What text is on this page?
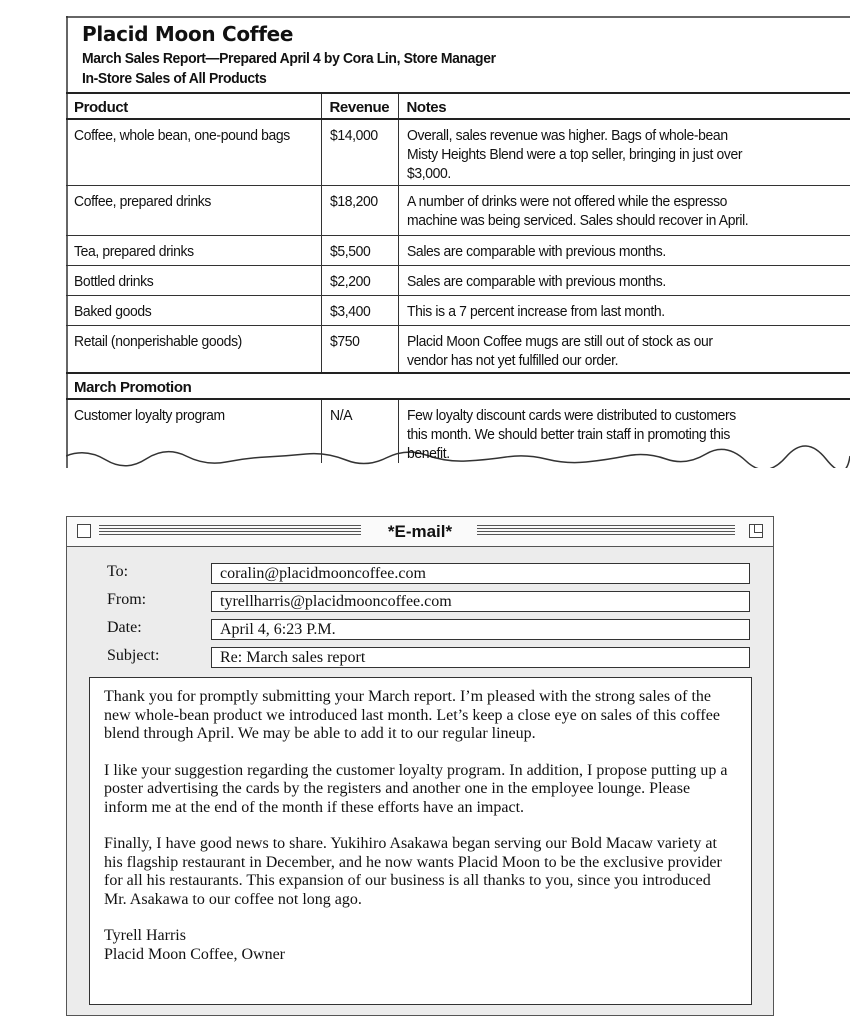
Placid Moon Coffee
March Sales Report—Prepared April 4 by Cora Lin, Store Manager
In-Store Sales of All Products
Product	Revenue	Notes
Coffee, whole bean, one-pound bags	$14,000	Overall, sales revenue was higher. Bags of whole-bean
Misty Heights Blend were a top seller, bringing in just over
$3,000.
Coffee, prepared drinks	$18,200	A number of drinks were not offered while the espresso
machine was being serviced. Sales should recover in April.
Tea, prepared drinks	$5,500	Sales are comparable with previous months.
Bottled drinks	$2,200	Sales are comparable with previous months.
Baked goods	$3,400	This is a 7 percent increase from last month.
Retail (nonperishable goods)	$750	Placid Moon Coffee mugs are still out of stock as our
vendor has not yet fulfilled our order.
March Promotion		
Customer loyalty program	N/A	Few loyalty discount cards were distributed to customers
this month. We should better train staff in promoting this
benefit.
*E-mail*
To:	coralin@placidmooncoffee.com
From:	tyrellharris@placidmooncoffee.com
Date:	April 4, 6:23 P.M.
Subject:	Re: March sales report

Thank you for promptly submitting your March report. I’m pleased with the strong sales of the new whole-bean product we introduced last month. Let’s keep a close eye on sales of this coffee blend through April. We may be able to add it to our regular lineup.

I like your suggestion regarding the customer loyalty program. In addition, I propose putting up a poster advertising the cards by the registers and another one in the employee lounge. Please inform me at the end of the month if these efforts have an impact.

Finally, I have good news to share. Yukihiro Asakawa began serving our Bold Macaw variety at his flagship restaurant in December, and he now wants Placid Moon to be the exclusive provider for all his restaurants. This expansion of our business is all thanks to you, since you introduced Mr. Asakawa to our coffee not long ago.

Tyrell Harris

Placid Moon Coffee, Owner
